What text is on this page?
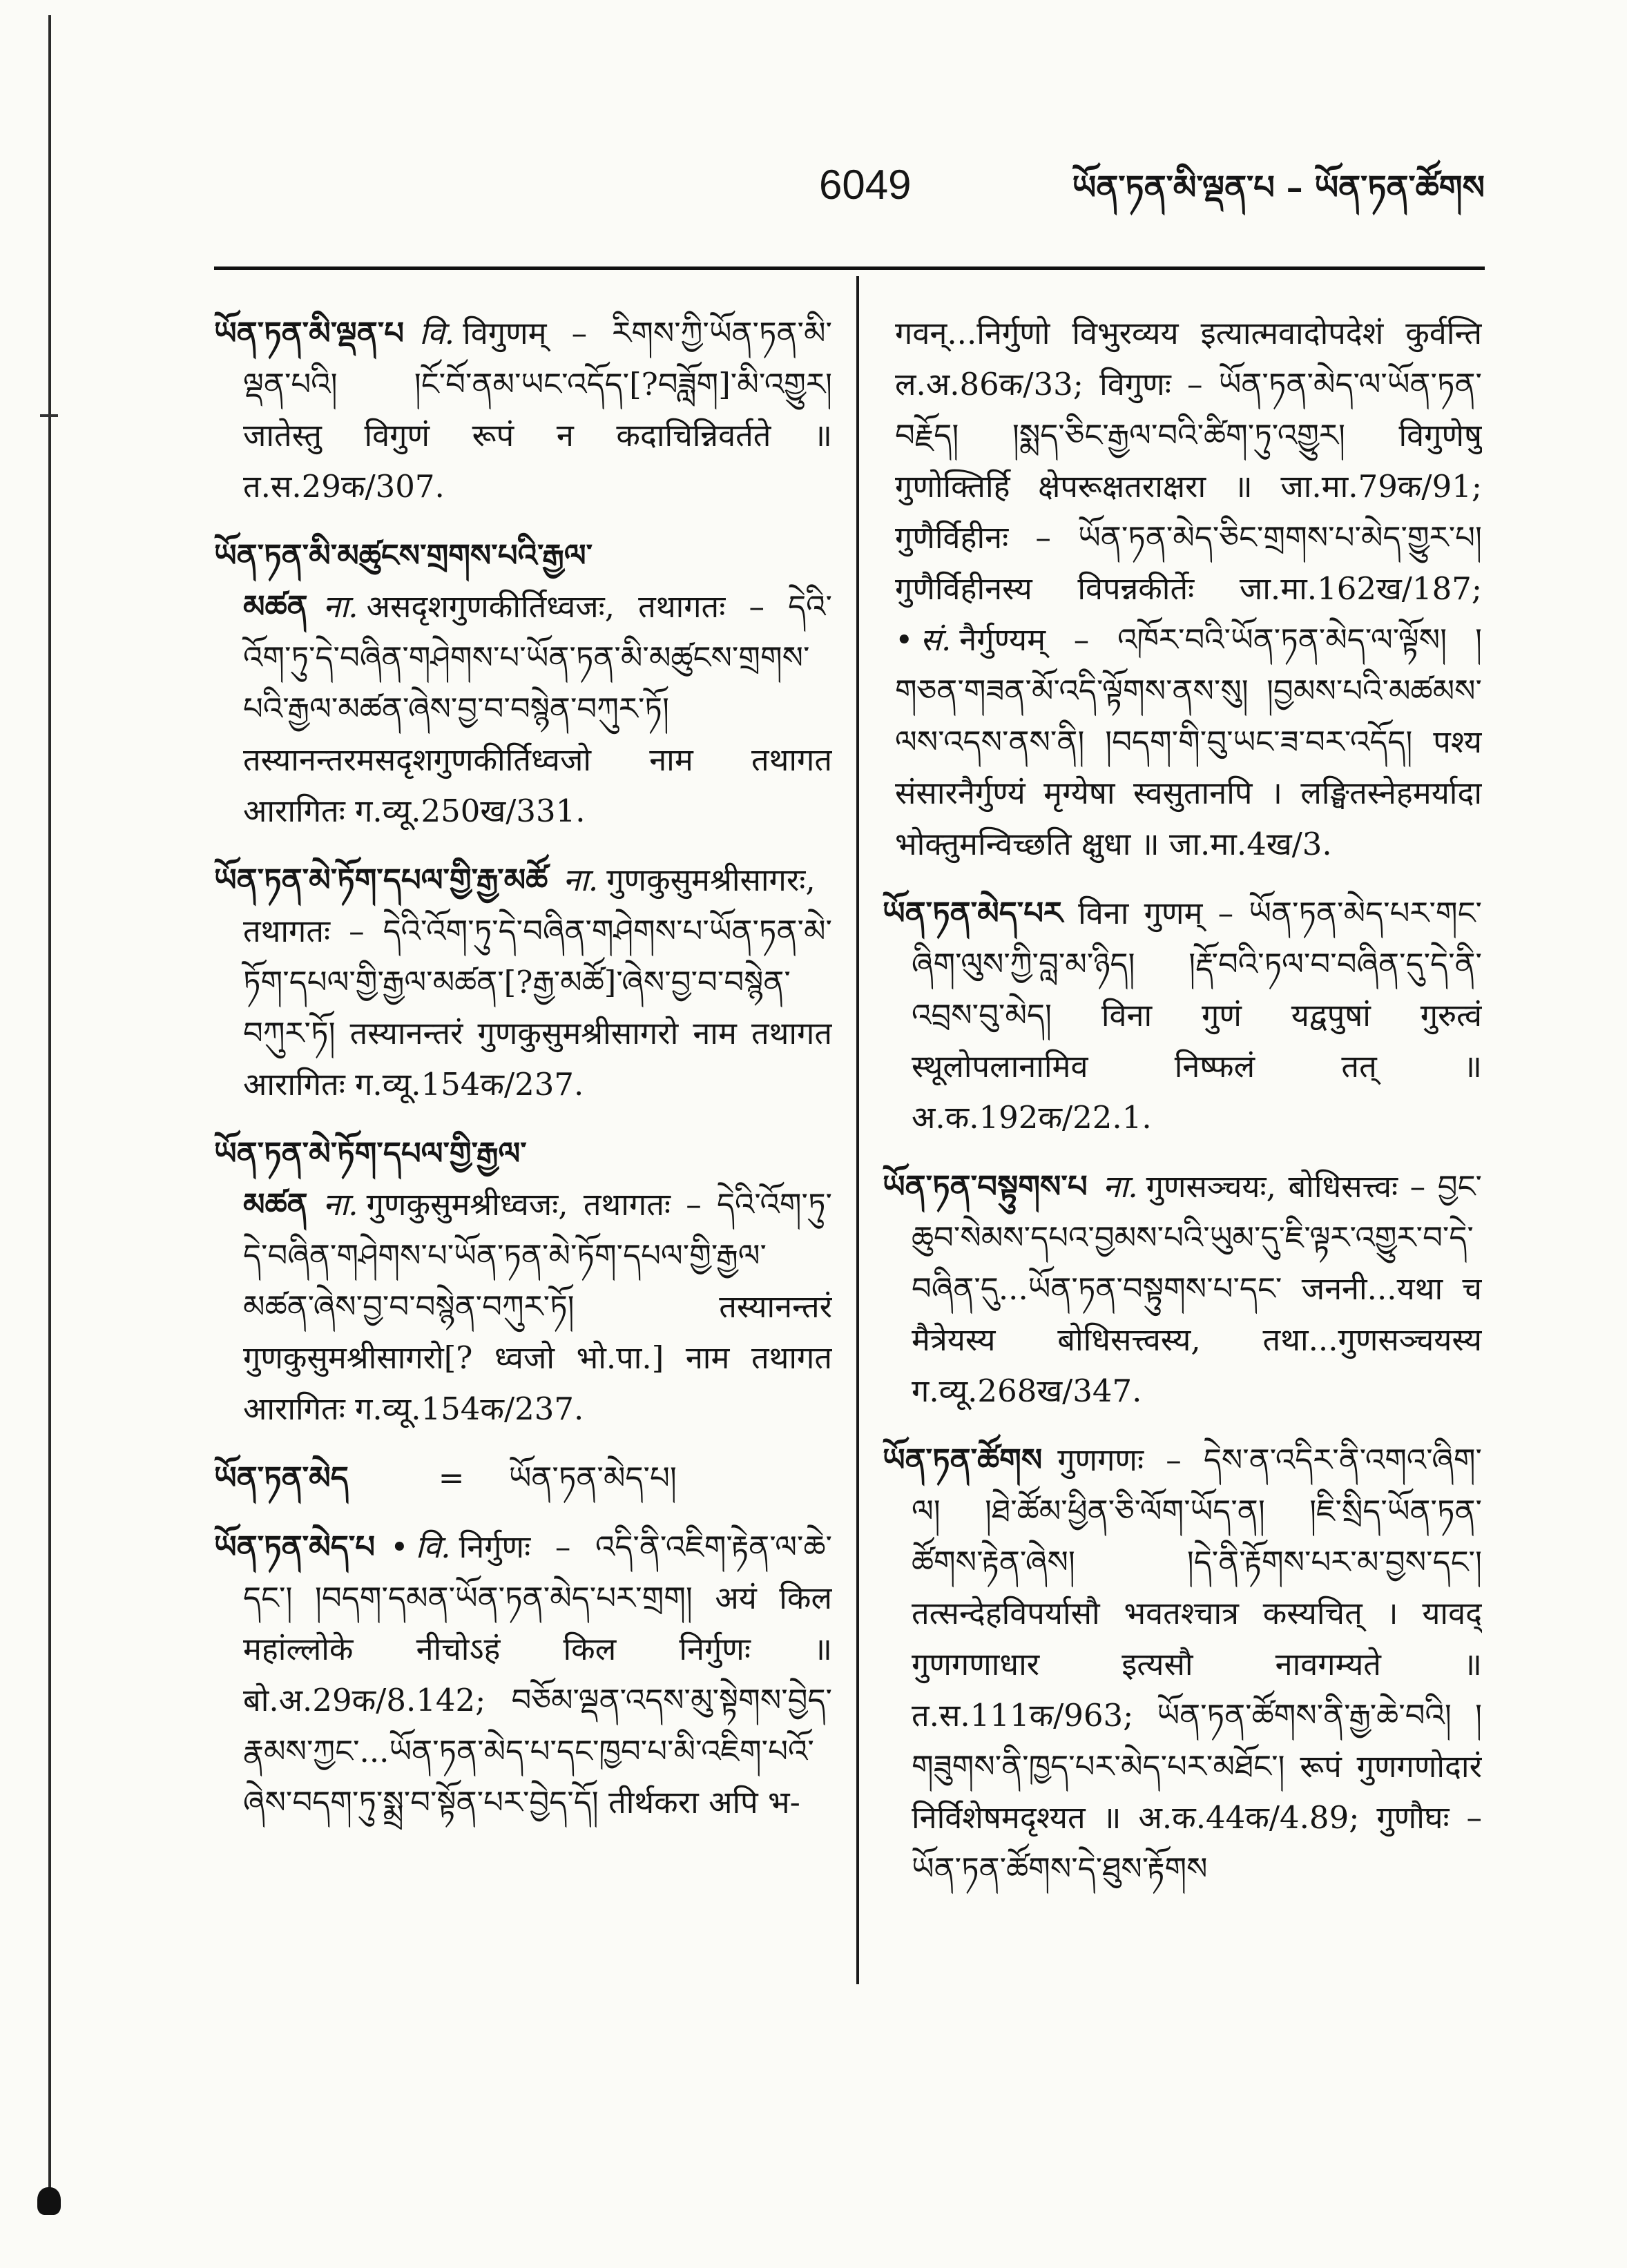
6049	ཡོན་ཏན་མི་ལྡན་པ – ཡོན་ཏན་ཚོགས

ཡོན་ཏན་མི་ལྡན་པ वि. विगुणम् – རིགས་ཀྱི་ཡོན་ཏན་མི་ལྡན་པའི། །ངོ་བོ་ནམ་ཡང་འདོད་[?བཟློག]་མི་འགྱུར། जातेस्तु विगुणं रूपं न कदाचिन्निवर्तते ॥ त.स.29क/307.

ཡོན་ཏན་མི་མཚུངས་གྲགས་པའི་རྒྱལ་མཚན ना. असदृशगुणकीर्तिध्वजः, तथागतः – དེའི་འོག་ཏུ་དེ་བཞིན་གཤེགས་པ་ཡོན་ཏན་མི་མཚུངས་གྲགས་པའི་རྒྱལ་མཚན་ཞེས་བྱ་བ་བསྙེན་བཀུར་ཏོ། तस्यानन्तरमसदृशगुणकीर्तिध्वजो नाम तथागत आरागितः ग.व्यू.250ख/331.

ཡོན་ཏན་མེ་ཏོག་དཔལ་གྱི་རྒྱ་མཚོ ना. गुणकुसुमश्रीसागरः, तथागतः – དེའི་འོག་ཏུ་དེ་བཞིན་གཤེགས་པ་ཡོན་ཏན་མེ་ཏོག་དཔལ་གྱི་རྒྱལ་མཚན་[?རྒྱ་མཚོ]་ཞེས་བྱ་བ་བསྙེན་བཀུར་ཏོ། तस्यानन्तरं गुणकुसुमश्रीसागरो नाम तथागत आरागितः ग.व्यू.154क/237.

ཡོན་ཏན་མེ་ཏོག་དཔལ་གྱི་རྒྱལ་མཚན ना. गुणकुसुमश्रीध्वजः, तथागतः – དེའི་འོག་ཏུ་དེ་བཞིན་གཤེགས་པ་ཡོན་ཏན་མེ་ཏོག་དཔལ་གྱི་རྒྱལ་མཚན་ཞེས་བྱ་བ་བསྙེན་བཀུར་ཏོ། तस्यानन्तरं गुणकुसुमश्रीसागरो[? ध्वजो भो.पा.] नाम तथागत आरागितः ग.व्यू.154क/237.

ཡོན་ཏན་མེད	= ཡོན་ཏན་མེད་པ།

ཡོན་ཏན་མེད་པ • वि. निर्गुणः – འདི་ནི་འཇིག་རྟེན་ལ་ཆེ་དང་། །བདག་དམན་ཡོན་ཏན་མེད་པར་གྲག། अयं किल महांल्लोके नीचोऽहं किल निर्गुणः ॥ बो.अ.29क/8.142; བཅོམ་ལྡན་འདས་མུ་སྟེགས་བྱེད་རྣམས་ཀྱང་...ཡོན་ཏན་མེད་པ་དང་ཁྱབ་པ་མི་འཇིག་པའོ་ཞེས་བདག་ཏུ་སྨྲ་བ་སྟོན་པར་བྱེད་དོ། तीर्थकरा अपि भ-

गवन्...निर्गुणो विभुरव्यय इत्यात्मवादोपदेशं कुर्वन्ति ल.अ.86क/33; विगुणः – ཡོན་ཏན་མེད་ལ་ཡོན་ཏན་བརྗོད། །སྨད་ཅིང་རྒྱལ་བའི་ཚིག་ཏུ་འགྱུར། विगुणेषु गुणोक्तिर्हि क्षेपरूक्षतराक्षरा ॥ जा.मा.79क/91; गुणैर्विहीनः – ཡོན་ཏན་མེད་ཅིང་གྲགས་པ་མེད་གྱུར་པ། गुणैर्विहीनस्य विपन्नकीर्तेः जा.मा.162ख/187; • सं. नैर्गुण्यम् – འཁོར་བའི་ཡོན་ཏན་མེད་ལ་ལྟོས། །གཅན་གཟན་མོ་འདི་ལྟོགས་ནས་སུ། །བྱམས་པའི་མཚམས་ལས་འདས་ནས་ནི། །བདག་གི་བུ་ཡང་ཟ་བར་འདོད། पश्य संसारनैर्गुण्यं मृग्येषा स्वसुतानपि । लङ्घितस्नेहमर्यादा भोक्तुमन्विच्छति क्षुधा ॥ जा.मा.4ख/3.

ཡོན་ཏན་མེད་པར विना गुणम् – ཡོན་ཏན་མེད་པར་གང་ཞིག་ལུས་ཀྱི་བླ་མ་ཉིད། །རྡོ་བའི་ཏལ་བ་བཞིན་དུ་དེ་ནི་འབྲས་བུ་མེད། विना गुणं यद्वपुषां गुरुत्वं स्थूलोपलानामिव निष्फलं तत् ॥ अ.क.192क/22.1.

ཡོན་ཏན་བསྟུགས་པ ना. गुणसञ्चयः, बोधिसत्त्वः – བྱང་ཆུབ་སེམས་དཔའ་བྱམས་པའི་ཡུམ་དུ་ཇི་ལྟར་འགྱུར་བ་དེ་བཞིན་དུ...ཡོན་ཏན་བསྟུགས་པ་དང་ जननी...यथा च मैत्रेयस्य बोधिसत्त्वस्य, तथा...गुणसञ्चयस्य ग.व्यू.268ख/347.

ཡོན་ཏན་ཚོགས गुणगणः – དེས་ན་འདིར་ནི་འགའ་ཞིག་ལ། །ཐེ་ཚོམ་ཕྱིན་ཅི་ལོག་ཡོད་ན། །ཇི་སྲིད་ཡོན་ཏན་ཚོགས་རྟེན་ཞེས། །དེ་ནི་རྟོགས་པར་མ་བྱས་དང་། तत्सन्देहविपर्यासौ भवतश्चात्र कस्यचित् । यावद् गुणगणाधार इत्यसौ नावगम्यते ॥ त.स.111क/963; ཡོན་ཏན་ཚོགས་ནི་རྒྱ་ཆེ་བའི། །གཟུགས་ནི་ཁྱད་པར་མེད་པར་མཐོང་། रूपं गुणगणोदारं निर्विशेषमदृश्यत ॥ अ.क.44क/4.89; गुणौघः – ཡོན་ཏན་ཚོགས་དེ་ཐུས་རྟོགས
